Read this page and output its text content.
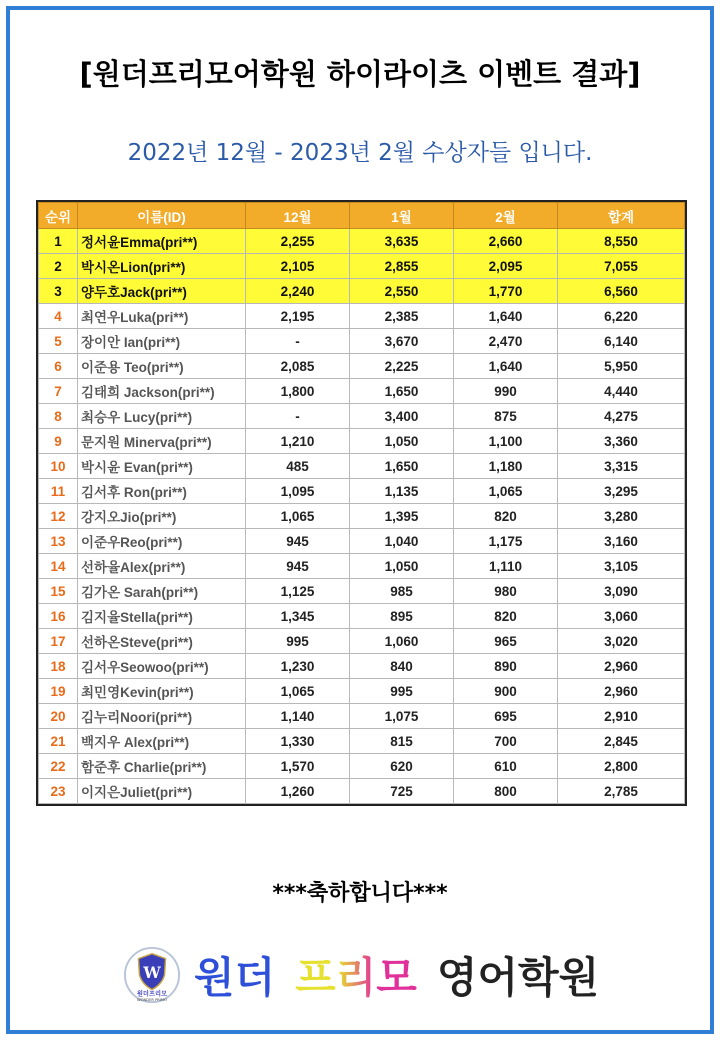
[원더프리모어학원 하이라이츠 이벤트 결과]
2022년 12월 - 2023년 2월 수상자들 입니다.
순위	이름(ID)	12월	1월	2월	합계
1	정서윤Emma(pri**)	2,255	3,635	2,660	8,550
2	박시온Lion(pri**)	2,105	2,855	2,095	7,055
3	양두호Jack(pri**)	2,240	2,550	1,770	6,560
4	최연우Luka(pri**)	2,195	2,385	1,640	6,220
5	장이안 Ian(pri**)	-	3,670	2,470	6,140
6	이준용 Teo(pri**)	2,085	2,225	1,640	5,950
7	김태희 Jackson(pri**)	1,800	1,650	990	4,440
8	최승우 Lucy(pri**)	-	3,400	875	4,275
9	문지원 Minerva(pri**)	1,210	1,050	1,100	3,360
10	박시윤 Evan(pri**)	485	1,650	1,180	3,315
11	김서후 Ron(pri**)	1,095	1,135	1,065	3,295
12	강지오Jio(pri**)	1,065	1,395	820	3,280
13	이준우Reo(pri**)	945	1,040	1,175	3,160
14	선하율Alex(pri**)	945	1,050	1,110	3,105
15	김가온 Sarah(pri**)	1,125	985	980	3,090
16	김지율Stella(pri**)	1,345	895	820	3,060
17	선하온Steve(pri**)	995	1,060	965	3,020
18	김서우Seowoo(pri**)	1,230	840	890	2,960
19	최민영Kevin(pri**)	1,065	995	900	2,960
20	김누리Noori(pri**)	1,140	1,075	695	2,910
21	백지우 Alex(pri**)	1,330	815	700	2,845
22	함준후 Charlie(pri**)	1,570	620	610	2,800
23	이지은Juliet(pri**)	1,260	725	800	2,785
***축하합니다***
W
원더프리모
WONDER PRIMO 원더 프리모 영어학원
